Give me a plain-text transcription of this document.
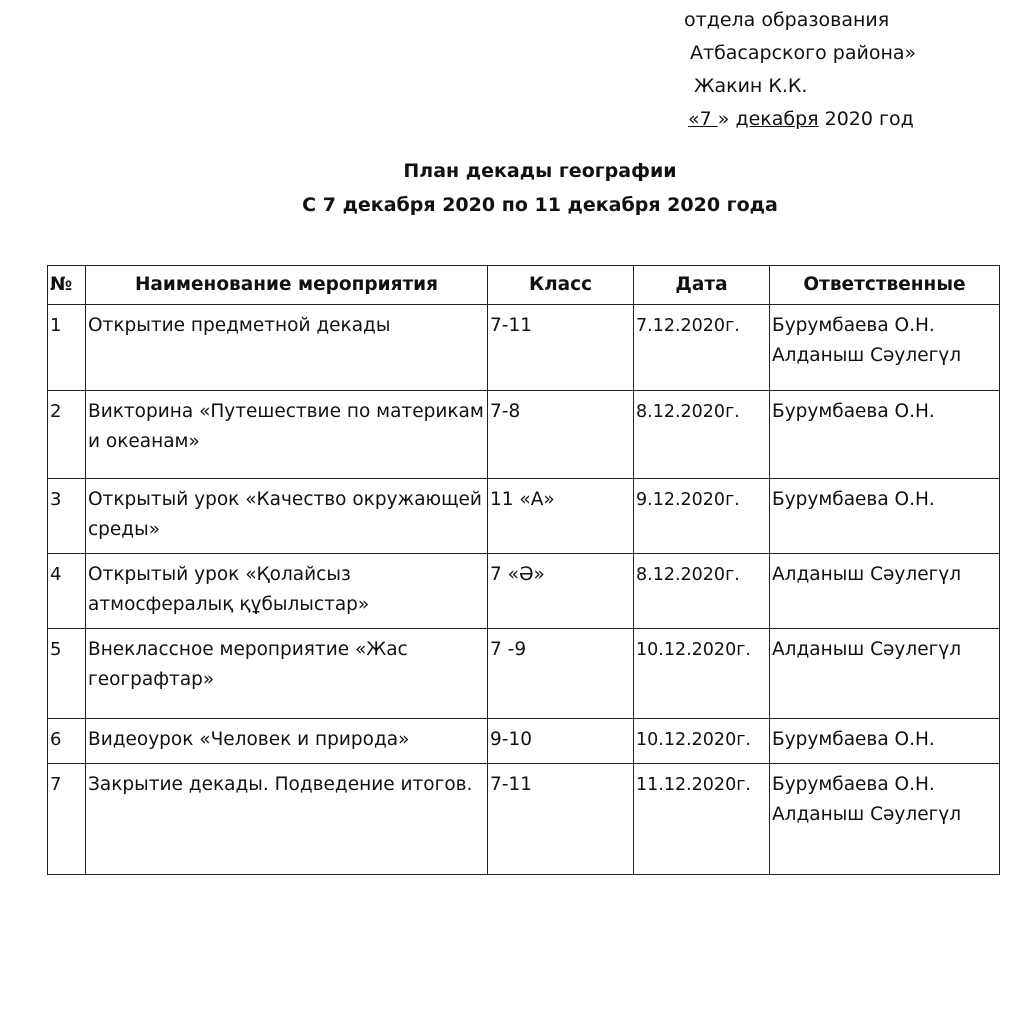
отдела образования
Атбасарского района»
Жакин К.К.
«7 » декабря 2020 год
План декады географии
С 7 декабря 2020 по 11 декабря 2020 года
№	Наименование мероприятия	Класс	Дата	Ответственные
1	Открытие предметной декады	7-11	7.12.2020г.	Бурумбаева О.Н.
Алданыш Сәулегүл

2	Викторина «Путешествие по материкам и океанам»	7-8	8.12.2020г.	Бурумбаева О.Н.

3	Открытый урок «Качество окружающей среды»	11 «А»	9.12.2020г.	Бурумбаева О.Н.

4	Открытый урок «Қолайсыз атмосфералық құбылыстар»	7 «Ә»	8.12.2020г.	Алданыш Сәулегүл

5	Внеклассное мероприятие «Жас географтар»	7 -9	10.12.2020г.	Алданыш Сәулегүл

6	Видеоурок «Человек и природа»	9-10	10.12.2020г.	Бурумбаева О.Н.

7	Закрытие декады. Подведение итогов.	7-11	11.12.2020г.	Бурумбаева О.Н.
Алданыш Сәулегүл
